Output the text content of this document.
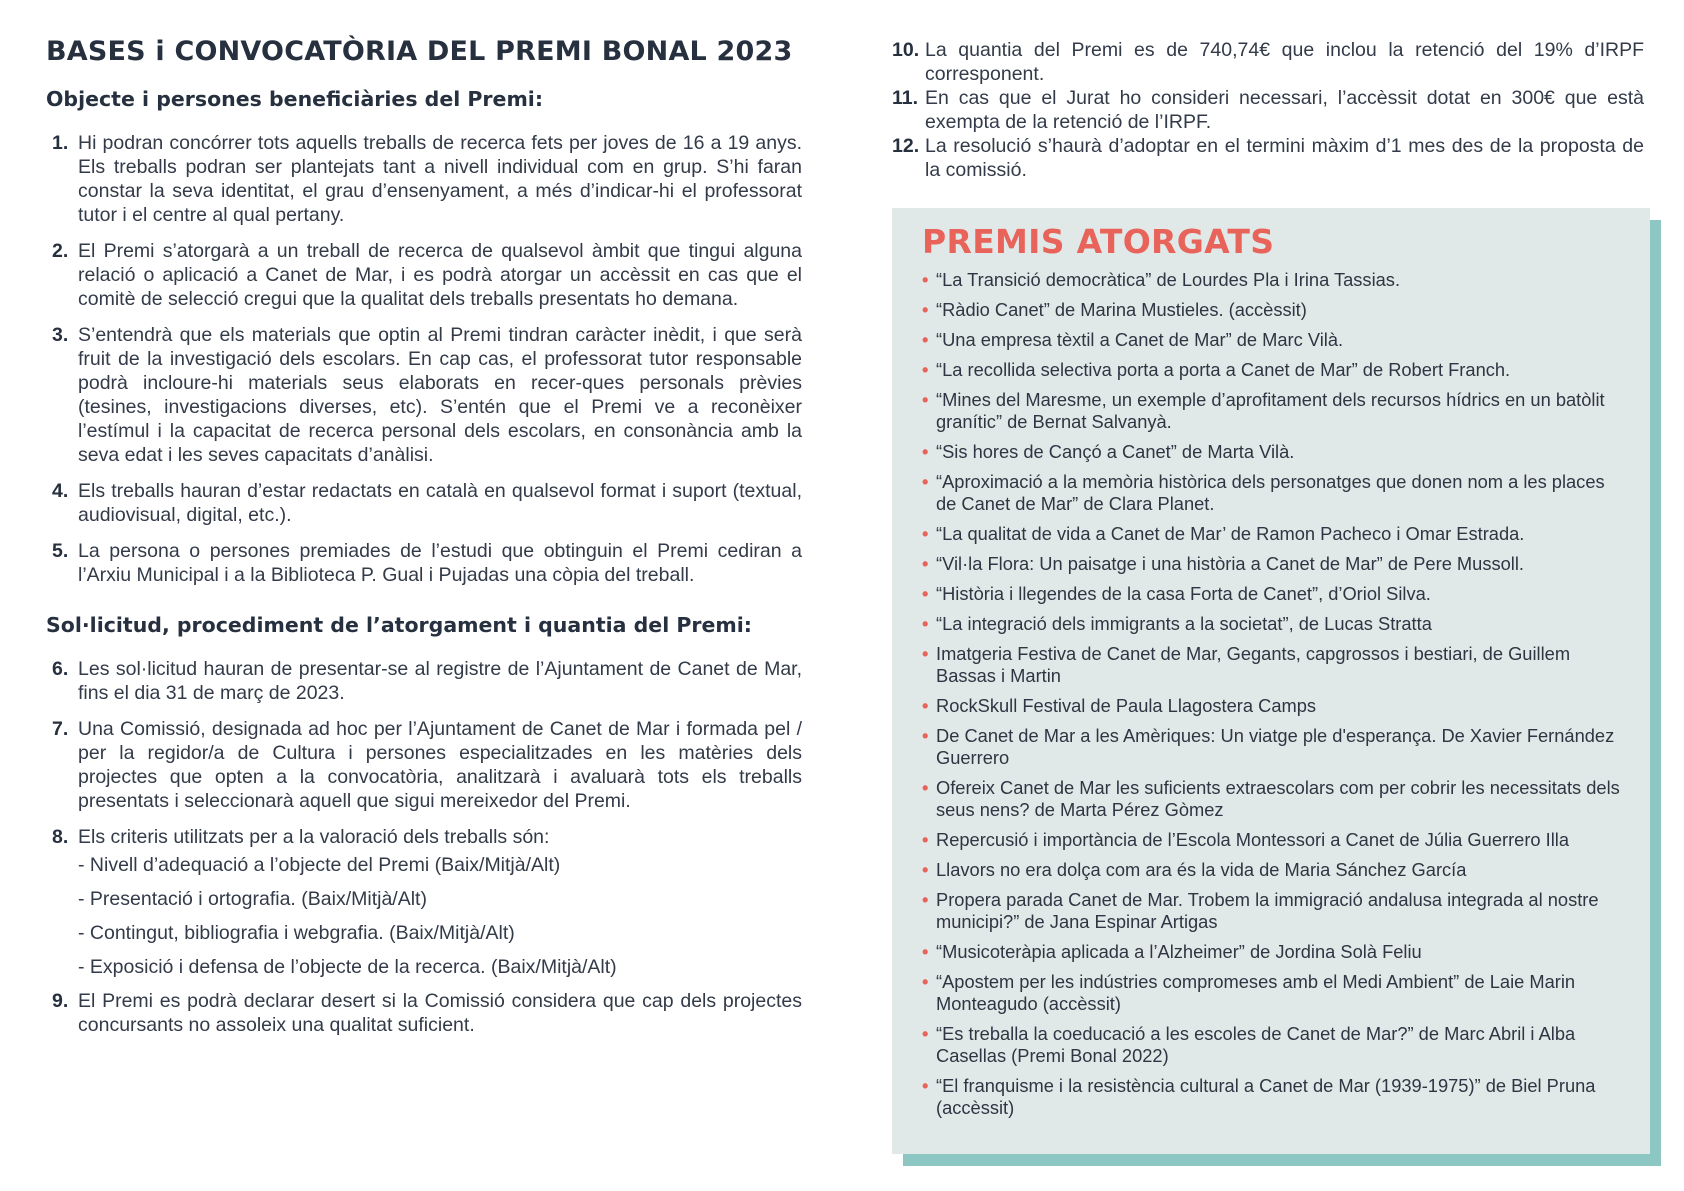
BASES i CONVOCATÒRIA DEL PREMI BONAL 2023
Objecte i persones beneficiàries del Premi:
1. Hi podran concórrer tots aquells treballs de recerca fets per joves de 16 a 19 anys. Els treballs podran ser plantejats tant a nivell individual com en grup. S’hi faran constar la seva identitat, el grau d’ensenyament, a més d’indicar-hi el professorat tutor i el centre al qual pertany.
2. El Premi s’atorgarà a un treball de recerca de qualsevol àmbit que tingui alguna relació o aplicació a Canet de Mar, i es podrà atorgar un accèssit en cas que el comitè de selecció cregui que la qualitat dels treballs presentats ho demana.
3. S’entendrà que els materials que optin al Premi tindran caràcter inèdit, i que serà fruit de la investigació dels escolars. En cap cas, el professorat tutor responsable podrà incloure-hi materials seus elaborats en recer-ques personals prèvies (tesines, investigacions diverses, etc). S’entén que el Premi ve a reconèixer l’estímul i la capacitat de recerca personal dels escolars, en consonància amb la seva edat i les seves capacitats d’anàlisi.
4. Els treballs hauran d’estar redactats en català en qualsevol format i suport (textual, audiovisual, digital, etc.).
5. La persona o persones premiades de l’estudi que obtinguin el Premi cediran a l’Arxiu Municipal i a la Biblioteca P. Gual i Pujadas una còpia del treball.
Sol·licitud, procediment de l’atorgament i quantia del Premi:
6. Les sol·licitud hauran de presentar-se al registre de l’Ajuntament de Canet de Mar, fins el dia 31 de març de 2023.
7. Una Comissió, designada ad hoc per l’Ajuntament de Canet de Mar i formada pel / per la regidor/a de Cultura i persones especialitzades en les matèries dels projectes que opten a la convocatòria, analitzarà i avaluarà tots els treballs presentats i seleccionarà aquell que sigui mereixedor del Premi.
8. Els criteris utilitzats per a la valoració dels treballs són:
- Nivell d’adequació a l’objecte del Premi (Baix/Mitjà/Alt)
- Presentació i ortografia. (Baix/Mitjà/Alt)
- Contingut, bibliografia i webgrafia. (Baix/Mitjà/Alt)
- Exposició i defensa de l’objecte de la recerca. (Baix/Mitjà/Alt)
9. El Premi es podrà declarar desert si la Comissió considera que cap dels projectes concursants no assoleix una qualitat suficient.
10. La quantia del Premi es de 740,74€ que inclou la retenció del 19% d’IRPF corresponent.
11. En cas que el Jurat ho consideri necessari, l’accèssit dotat en 300€ que està exempta de la retenció de l’IRPF.
12. La resolució s’haurà d’adoptar en el termini màxim d’1 mes des de la proposta de la comissió.
PREMIS ATORGATS
• “La Transició democràtica” de Lourdes Pla i Irina Tassias.
• “Ràdio Canet” de Marina Mustieles. (accèssit)
• “Una empresa tèxtil a Canet de Mar” de Marc Vilà.
• “La recollida selectiva porta a porta a Canet de Mar” de Robert Franch.
• “Mines del Maresme, un exemple d’aprofitament dels recursos hídrics en un batòlit granític” de Bernat Salvanyà.
• “Sis hores de Cançó a Canet” de Marta Vilà.
• “Aproximació a la memòria històrica dels personatges que donen nom a les places de Canet de Mar” de Clara Planet.
• “La qualitat de vida a Canet de Mar’ de Ramon Pacheco i Omar Estrada.
• “Vil·la Flora: Un paisatge i una història a Canet de Mar” de Pere Mussoll.
• “Història i llegendes de la casa Forta de Canet”, d’Oriol Silva.
• “La integració dels immigrants a la societat”, de Lucas Stratta
• Imatgeria Festiva de Canet de Mar, Gegants, capgrossos i bestiari, de Guillem Bassas i Martin
• RockSkull Festival de Paula Llagostera Camps
• De Canet de Mar a les Amèriques: Un viatge ple d'esperança. De Xavier Fernández Guerrero
• Ofereix Canet de Mar les suficients extraescolars com per cobrir les necessitats dels seus nens? de Marta Pérez Gòmez
• Repercusió i importància de l’Escola Montessori a Canet de Júlia Guerrero Illa
• Llavors no era dolça com ara és la vida de Maria Sánchez García
• Propera parada Canet de Mar. Trobem la immigració andalusa integrada al nostre municipi?” de Jana Espinar Artigas
• “Musicoteràpia aplicada a l’Alzheimer” de Jordina Solà Feliu
• “Apostem per les indústries compromeses amb el Medi Ambient” de Laie Marin Monteagudo (accèssit)
• “Es treballa la coeducació a les escoles de Canet de Mar?” de Marc Abril i Alba Casellas (Premi Bonal 2022)
• “El franquisme i la resistència cultural a Canet de Mar (1939-1975)” de Biel Pruna (accèssit)
